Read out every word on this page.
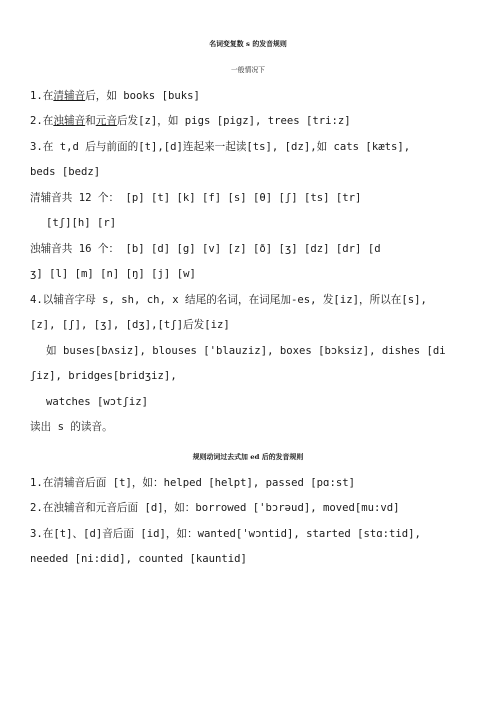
名词变复数 s 的发音规则
一般情况下
1.在清辅音后，如 books [buks]
2.在浊辅音和元音后发[z]，如 pigs [pigz], trees [tri:z]
3.在 t,d 后与前面的[t],[d]连起来一起读[ts], [dz],如 cats [kæts],
beds [bedz]
清辅音共 12 个： [p] [t] [k] [f] [s] [θ] [ʃ] [ts] [tr]
[tʃ][h] [r]
浊辅音共 16 个： [b] [d] [g] [v] [z] [ð] [ʒ] [dz] [dr] [d
ʒ] [l] [m] [n] [ŋ] [j] [w]
4.以辅音字母 s, sh, ch, x 结尾的名词，在词尾加-es, 发[iz]，所以在[s],
[z], [ʃ], [ʒ], [dʒ],[tʃ]后发[iz]
如 buses[bʌsiz], blouses ['blauziz], boxes [bɔksiz], dishes [di
ʃiz], bridges[bridʒiz],
watches [wɔtʃiz]
读出 s 的读音。
规则动词过去式加 ed 后的发音规则
1.在清辅音后面 [t]，如：helped [helpt], passed [pɑ:st]
2.在浊辅音和元音后面 [d]，如：borrowed ['bɔrəud], moved[mu:vd]
3.在[t]、[d]音后面 [id]，如：wanted['wɔntid], started [stɑ:tid],
needed [ni:did], counted [kauntid]
